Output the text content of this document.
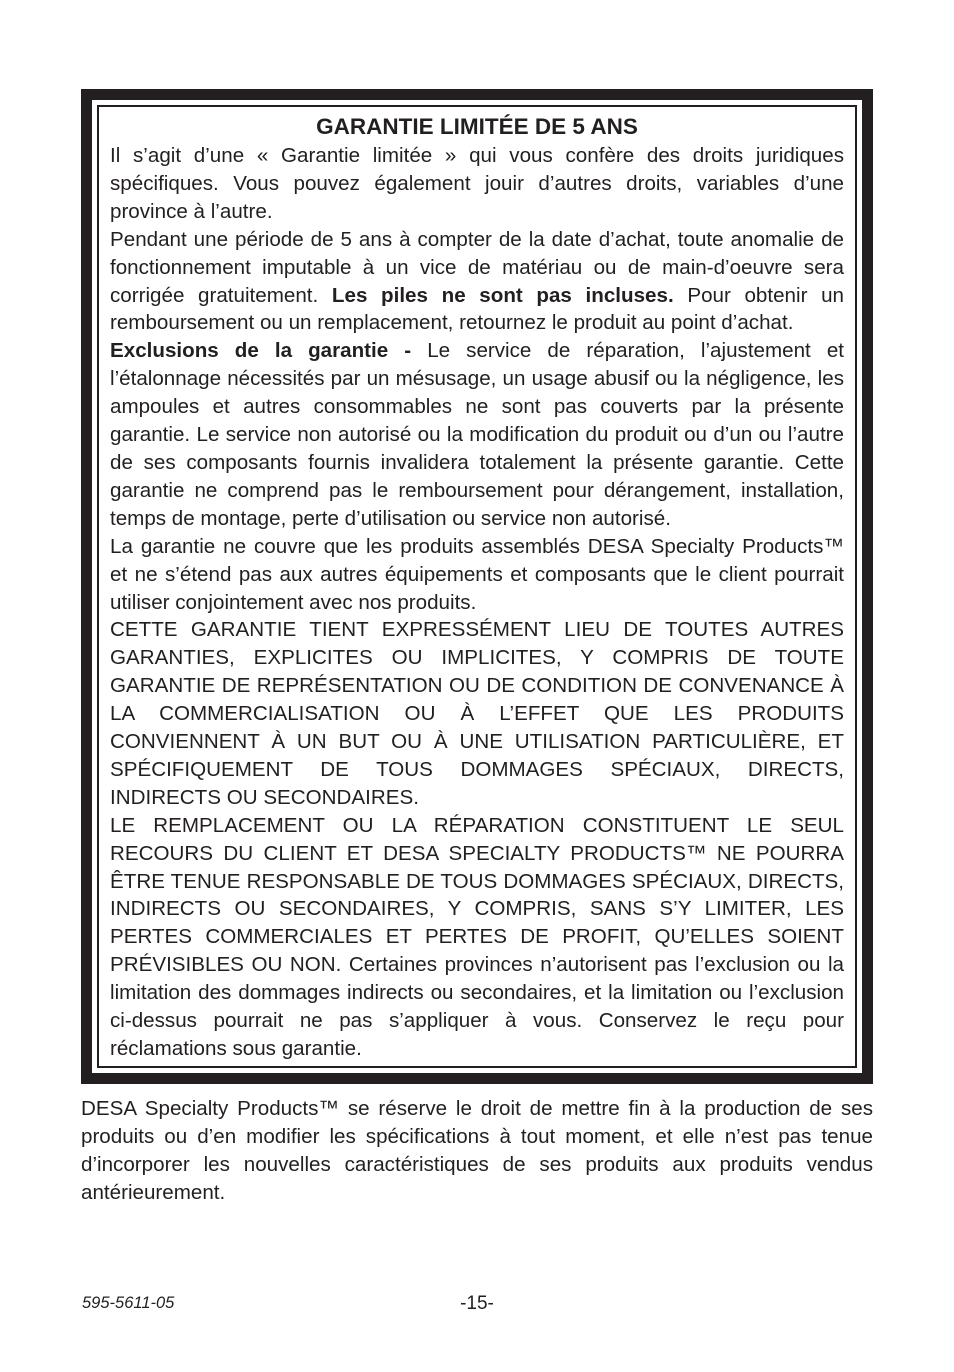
GARANTIE LIMITÉE DE 5 ANS

Il s’agit d’une « Garantie limitée » qui vous confère des droits juridiques spécifiques. Vous pouvez également jouir d’autres droits, variables d’une province à l’autre.

Pendant une période de 5 ans à compter de la date d’achat, toute anomalie de fonctionnement imputable à un vice de matériau ou de main-d’oeuvre sera corrigée gratuitement. Les piles ne sont pas incluses. Pour obtenir un remboursement ou un remplacement, retournez le produit au point d’achat.

Exclusions de la garantie - Le service de réparation, l’ajustement et l’étalonnage nécessités par un mésusage, un usage abusif ou la négligence, les ampoules et autres consommables ne sont pas couverts par la présente garantie. Le service non autorisé ou la modification du produit ou d’un ou l’autre de ses composants fournis invalidera totalement la présente garantie. Cette garantie ne comprend pas le remboursement pour dérangement, installation, temps de montage, perte d’utilisation ou service non autorisé.

La garantie ne couvre que les produits assemblés DESA Specialty Products™ et ne s’étend pas aux autres équipements et composants que le client pourrait utiliser conjointement avec nos produits.

CETTE GARANTIE TIENT EXPRESSÉMENT LIEU DE TOUTES AUTRES GARANTIES, EXPLICITES OU IMPLICITES, Y COMPRIS DE TOUTE GARANTIE DE REPRÉSENTATION OU DE CONDITION DE CONVENANCE À LA COMMERCIALISATION OU À L’EFFET QUE LES PRODUITS CONVIENNENT À UN BUT OU À UNE UTILISATION PARTICULIÈRE, ET SPÉCIFIQUEMENT DE TOUS DOMMAGES SPÉCIAUX, DIRECTS, INDIRECTS OU SECONDAIRES.

LE REMPLACEMENT OU LA RÉPARATION CONSTITUENT LE SEUL RECOURS DU CLIENT ET DESA SPECIALTY PRODUCTS™ NE POURRA ÊTRE TENUE RESPONSABLE DE TOUS DOMMAGES SPÉCIAUX, DIRECTS, INDIRECTS OU SECONDAIRES, Y COMPRIS, SANS S’Y LIMITER, LES PERTES COMMERCIALES ET PERTES DE PROFIT, QU’ELLES SOIENT PRÉVISIBLES OU NON. Certaines provinces n’autorisent pas l’exclusion ou la limitation des dommages indirects ou secondaires, et la limitation ou l’exclusion ci-dessus pourrait ne pas s’appliquer à vous. Conservez le reçu pour réclamations sous garantie.

DESA Specialty Products™ se réserve le droit de mettre fin à la production de ses produits ou d’en modifier les spécifications à tout moment, et elle n’est pas tenue d’incorporer les nouvelles caractéristiques de ses produits aux produits vendus antérieurement.

595-5611-05	-15-
